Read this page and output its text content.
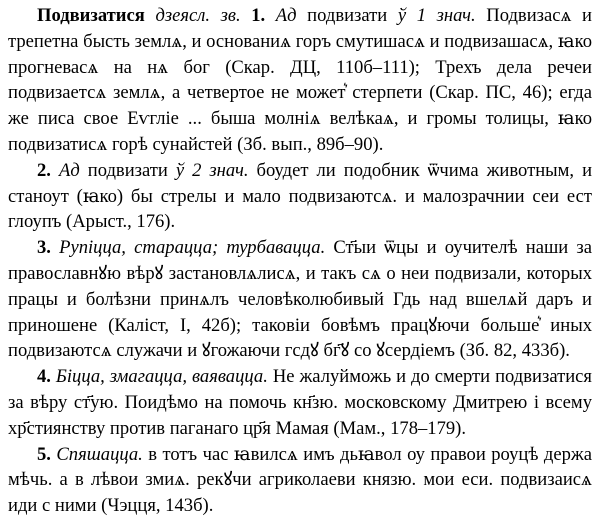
Подвизатися дзеясл. зв. 1. Ад подвизати ў 1 знач. Подвизасѧ и трепетна бысть землѧ, и основаниѧ горъ смутишасѧ и подвизашасѧ, ꙗко прогневасѧ на нѧ бог (Скар. ДЦ, 110б–111); Трехъ дела речеи подвизаетсѧ землѧ, а четвертое не может͛ стерпети (Скар. ПС, 46); егда же писа свое Еѵгліе ... быша молніѧ велѣкаѧ, и громы толицы, ꙗко подвизатисѧ горѣ сунайстей (Зб. вып., 89б–90).

2. Ад подвизати ў 2 знач. боудет ли подобник ѿчима животным, и станоут (ꙗко) бы стрелы и мало подвизаютсѧ. и малозрачнии сеи ест глоупъ (Арыст., 176).

3. Рупіцца, старацца; турбавацца. Ст҃ыи ѿцы и оучителѣ наши за православнꙋю вѣрꙋ застановлѧлисѧ, и такъ сѧ о неи подвизали, которых працы и болѣзни принѧлъ человѣколюбивый Гдь над вшелѧй даръ и приношене (Каліст, I, 42б); таковіи бовѣмъ працꙋючи больше͛ иных подвизаютсѧ служачи и ꙋгожаючи гсдꙋ бг҃ꙋ со ꙋсердіемъ (Зб. 82, 433б).

4. Біцца, змагацца, ваявацца. Не жалуйможь и до смерти подвизатися за вѣру ст҃ую. Поидѣмо на помочь кн҃зю. московскому Дмитрею і всему хр҃стиянству против паганаго цр҃я Мамая (Мам., 178–179).

5. Спяшацца. в тотъ час ꙗвилсѧ имъ дьꙗвол оу правои роуцѣ держа мѣчь. а в лѣвои змиѧ. рекꙋчи агриколаеви князю. мои еси. подвизаисѧ иди с ними (Чэцця, 143б).
